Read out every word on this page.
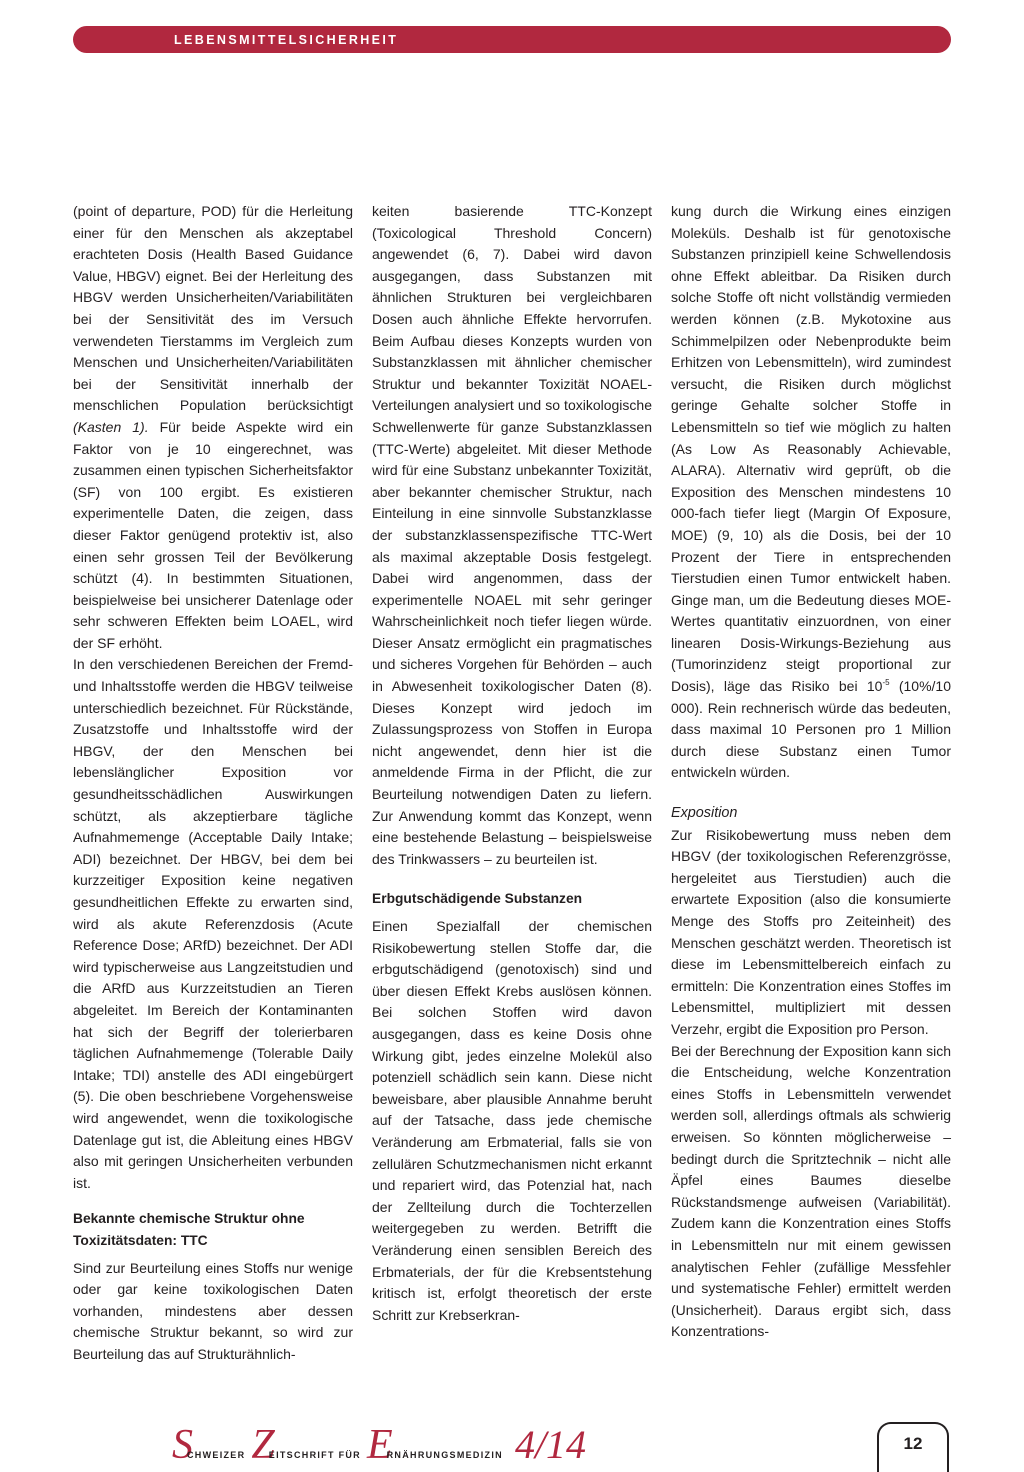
LEBENSMITTELSICHERHEIT

(point of departure, POD) für die Herleitung einer für den Menschen als akzeptabel erachteten Dosis (Health Based Guidance Value, HBGV) eignet. Bei der Herleitung des HBGV werden Unsicherheiten/Variabilitäten bei der Sensitivität des im Versuch verwendeten Tierstamms im Vergleich zum Menschen und Unsicherheiten/Variabilitäten bei der Sensitivität innerhalb der menschlichen Population berücksichtigt (Kasten 1). Für beide Aspekte wird ein Faktor von je 10 eingerechnet, was zusammen einen typischen Sicherheitsfaktor (SF) von 100 ergibt. Es existieren experimentelle Daten, die zeigen, dass dieser Faktor genügend protektiv ist, also einen sehr grossen Teil der Bevölkerung schützt (4). In bestimmten Situationen, beispielweise bei unsicherer Datenlage oder sehr schweren Effekten beim LOAEL, wird der SF erhöht.

In den verschiedenen Bereichen der Fremd- und Inhaltsstoffe werden die HBGV teilweise unterschiedlich bezeichnet. Für Rückstände, Zusatzstoffe und Inhaltsstoffe wird der HBGV, der den Menschen bei lebenslänglicher Exposition vor gesundheitsschädlichen Auswirkungen schützt, als akzeptierbare tägliche Aufnahmemenge (Acceptable Daily Intake; ADI) bezeichnet. Der HBGV, bei dem bei kurzzeitiger Exposition keine negativen gesundheitlichen Effekte zu erwarten sind, wird als akute Referenzdosis (Acute Reference Dose; ARfD) bezeichnet. Der ADI wird typischerweise aus Langzeitstudien und die ARfD aus Kurzzeitstudien an Tieren abgeleitet. Im Bereich der Kontaminanten hat sich der Begriff der tolerierbaren täglichen Aufnahmemenge (Tolerable Daily Intake; TDI) anstelle des ADI eingebürgert (5). Die oben beschriebene Vorgehensweise wird angewendet, wenn die toxikologische Datenlage gut ist, die Ableitung eines HBGV also mit geringen Unsicherheiten verbunden ist.

Bekannte chemische Struktur ohne Toxizitätsdaten: TTC

Sind zur Beurteilung eines Stoffs nur wenige oder gar keine toxikologischen Daten vorhanden, mindestens aber dessen chemische Struktur bekannt, so wird zur Beurteilung das auf Strukturähnlich-

keiten basierende TTC-Konzept (Toxicological Threshold Concern) angewendet (6, 7). Dabei wird davon ausgegangen, dass Substanzen mit ähnlichen Strukturen bei vergleichbaren Dosen auch ähnliche Effekte hervorrufen. Beim Aufbau dieses Konzepts wurden von Substanzklassen mit ähnlicher chemischer Struktur und bekannter Toxizität NOAEL-Verteilungen analysiert und so toxikologische Schwellenwerte für ganze Substanzklassen (TTC-Werte) abgeleitet. Mit dieser Methode wird für eine Substanz unbekannter Toxizität, aber bekannter chemischer Struktur, nach Einteilung in eine sinnvolle Substanzklasse der substanzklassenspezifische TTC-Wert als maximal akzeptable Dosis festgelegt. Dabei wird angenommen, dass der experimentelle NOAEL mit sehr geringer Wahrscheinlichkeit noch tiefer liegen würde. Dieser Ansatz ermöglicht ein pragmatisches und sicheres Vorgehen für Behörden – auch in Abwesenheit toxikologischer Daten (8). Dieses Konzept wird jedoch im Zulassungsprozess von Stoffen in Europa nicht angewendet, denn hier ist die anmeldende Firma in der Pflicht, die zur Beurteilung notwendigen Daten zu liefern. Zur Anwendung kommt das Konzept, wenn eine bestehende Belastung – beispielsweise des Trinkwassers – zu beurteilen ist.

Erbgutschädigende Substanzen

Einen Spezialfall der chemischen Risikobewertung stellen Stoffe dar, die erbgutschädigend (genotoxisch) sind und über diesen Effekt Krebs auslösen können. Bei solchen Stoffen wird davon ausgegangen, dass es keine Dosis ohne Wirkung gibt, jedes einzelne Molekül also potenziell schädlich sein kann. Diese nicht beweisbare, aber plausible Annahme beruht auf der Tatsache, dass jede chemische Veränderung am Erbmaterial, falls sie von zellulären Schutzmechanismen nicht erkannt und repariert wird, das Potenzial hat, nach der Zellteilung durch die Tochterzellen weitergegeben zu werden. Betrifft die Veränderung einen sensiblen Bereich des Erbmaterials, der für die Krebsentstehung kritisch ist, erfolgt theoretisch der erste Schritt zur Krebserkran-

kung durch die Wirkung eines einzigen Moleküls. Deshalb ist für genotoxische Substanzen prinzipiell keine Schwellendosis ohne Effekt ableitbar. Da Risiken durch solche Stoffe oft nicht vollständig vermieden werden können (z.B. Mykotoxine aus Schimmelpilzen oder Nebenprodukte beim Erhitzen von Lebensmitteln), wird zumindest versucht, die Risiken durch möglichst geringe Gehalte solcher Stoffe in Lebensmitteln so tief wie möglich zu halten (As Low As Reasonably Achievable, ALARA). Alternativ wird geprüft, ob die Exposition des Menschen mindestens 10 000-fach tiefer liegt (Margin Of Exposure, MOE) (9, 10) als die Dosis, bei der 10 Prozent der Tiere in entsprechenden Tierstudien einen Tumor entwickelt haben. Ginge man, um die Bedeutung dieses MOE-Wertes quantitativ einzuordnen, von einer linearen Dosis-Wirkungs-Beziehung aus (Tumorinzidenz steigt proportional zur Dosis), läge das Risiko bei $10^{-5}$ (10%/10 000). Rein rechnerisch würde das bedeuten, dass maximal 10 Personen pro 1 Million durch diese Substanz einen Tumor entwickeln würden.

Exposition

Zur Risikobewertung muss neben dem HBGV (der toxikologischen Referenzgrösse, hergeleitet aus Tierstudien) auch die erwartete Exposition (also die konsumierte Menge des Stoffs pro Zeiteinheit) des Menschen geschätzt werden. Theoretisch ist diese im Lebensmittelbereich einfach zu ermitteln: Die Konzentration eines Stoffes im Lebensmittel, multipliziert mit dessen Verzehr, ergibt die Exposition pro Person.

Bei der Berechnung der Exposition kann sich die Entscheidung, welche Konzentration eines Stoffs in Lebensmitteln verwendet werden soll, allerdings oftmals als schwierig erweisen. So könnten möglicherweise – bedingt durch die Spritztechnik – nicht alle Äpfel eines Baumes dieselbe Rückstandsmenge aufweisen (Variabilität). Zudem kann die Konzentration eines Stoffs in Lebensmitteln nur mit einem gewissen analytischen Fehler (zufällige Messfehler und systematische Fehler) ermittelt werden (Unsicherheit). Daraus ergibt sich, dass Konzentrations-

SCHWEIZER ZEITSCHRIFT FÜR ERNÄHRUNGSMEDIZIN 4/14	12
